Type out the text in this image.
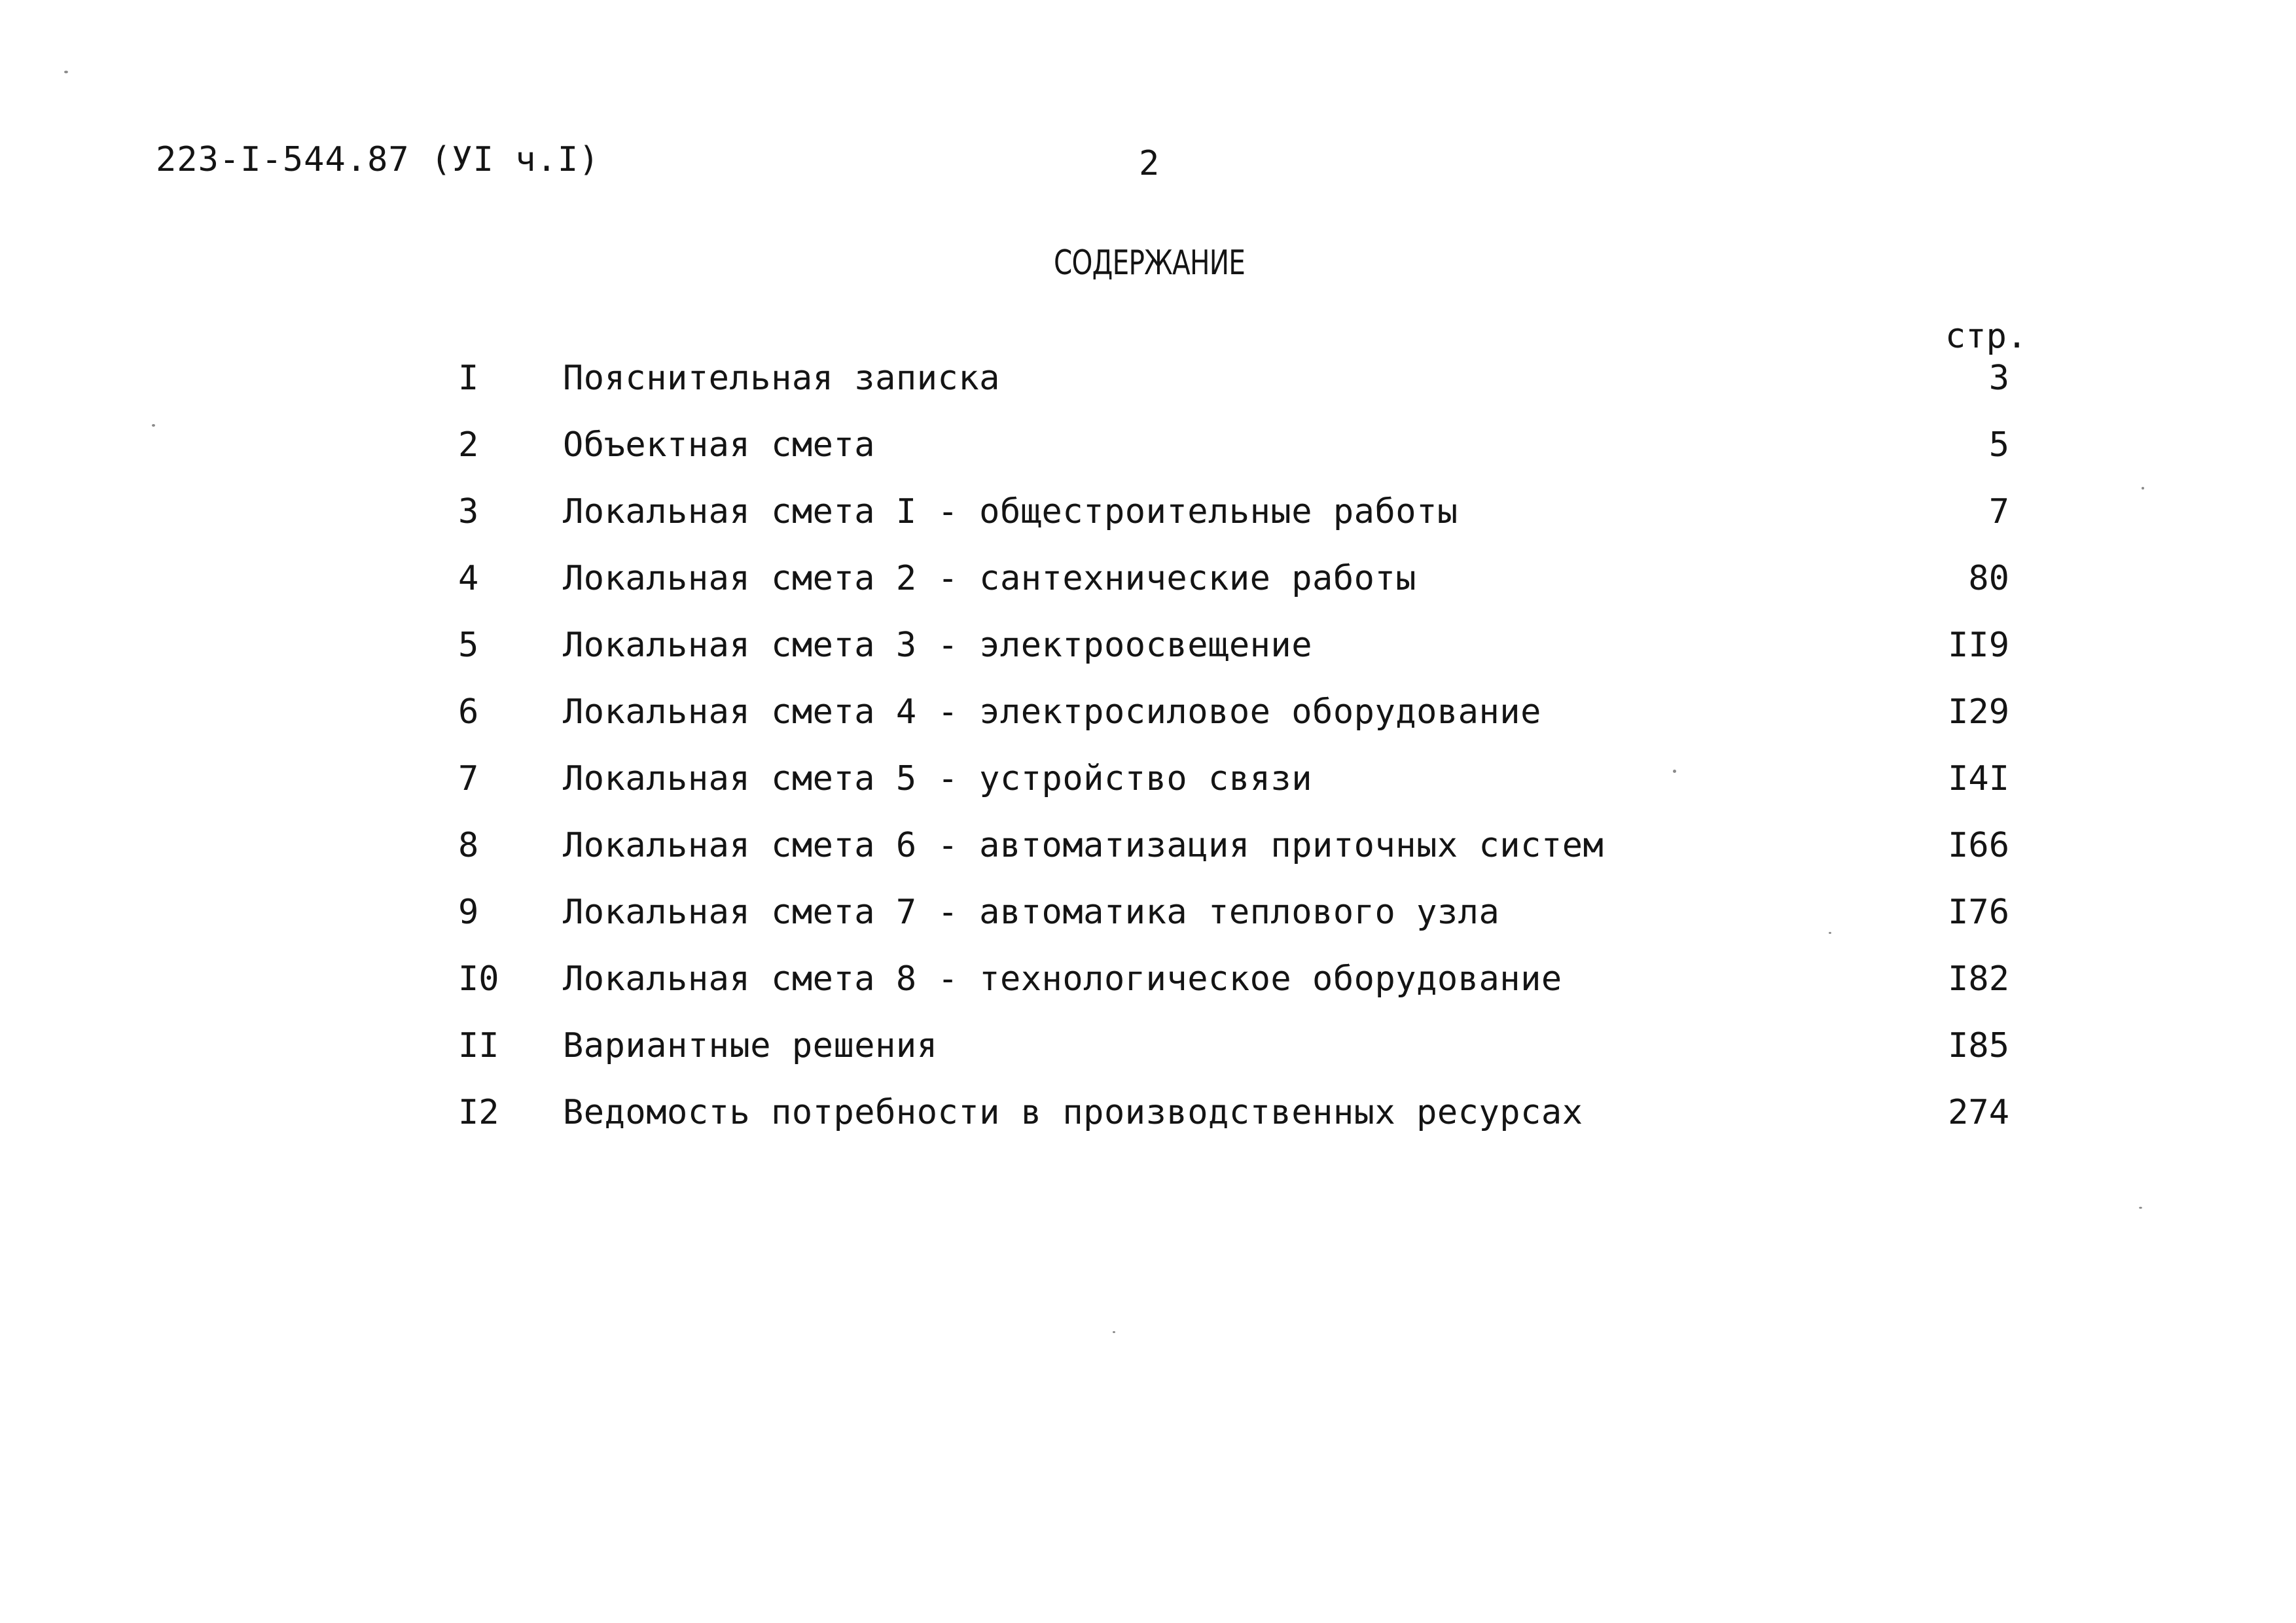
223-I-544.87 (УI ч.I)	2
СОДЕРЖАНИЕ
стр.
I Пояснительная записка	3
2 Объектная смета	5
3 Локальная смета I - общестроительные работы	7
4 Локальная смета 2 - сантехнические работы	80
5 Локальная смета 3 - электроосвещение	II9
6 Локальная смета 4 - электросиловое оборудование	I29
7 Локальная смета 5 - устройство связи	I4I
8 Локальная смета 6 - автоматизация приточных систем	I66
9 Локальная смета 7 - автоматика теплового узла	I76
I0 Локальная смета 8 - технологическое оборудование	I82
II Вариантные решения	I85
I2 Ведомость потребности в производственных ресурсах	274
